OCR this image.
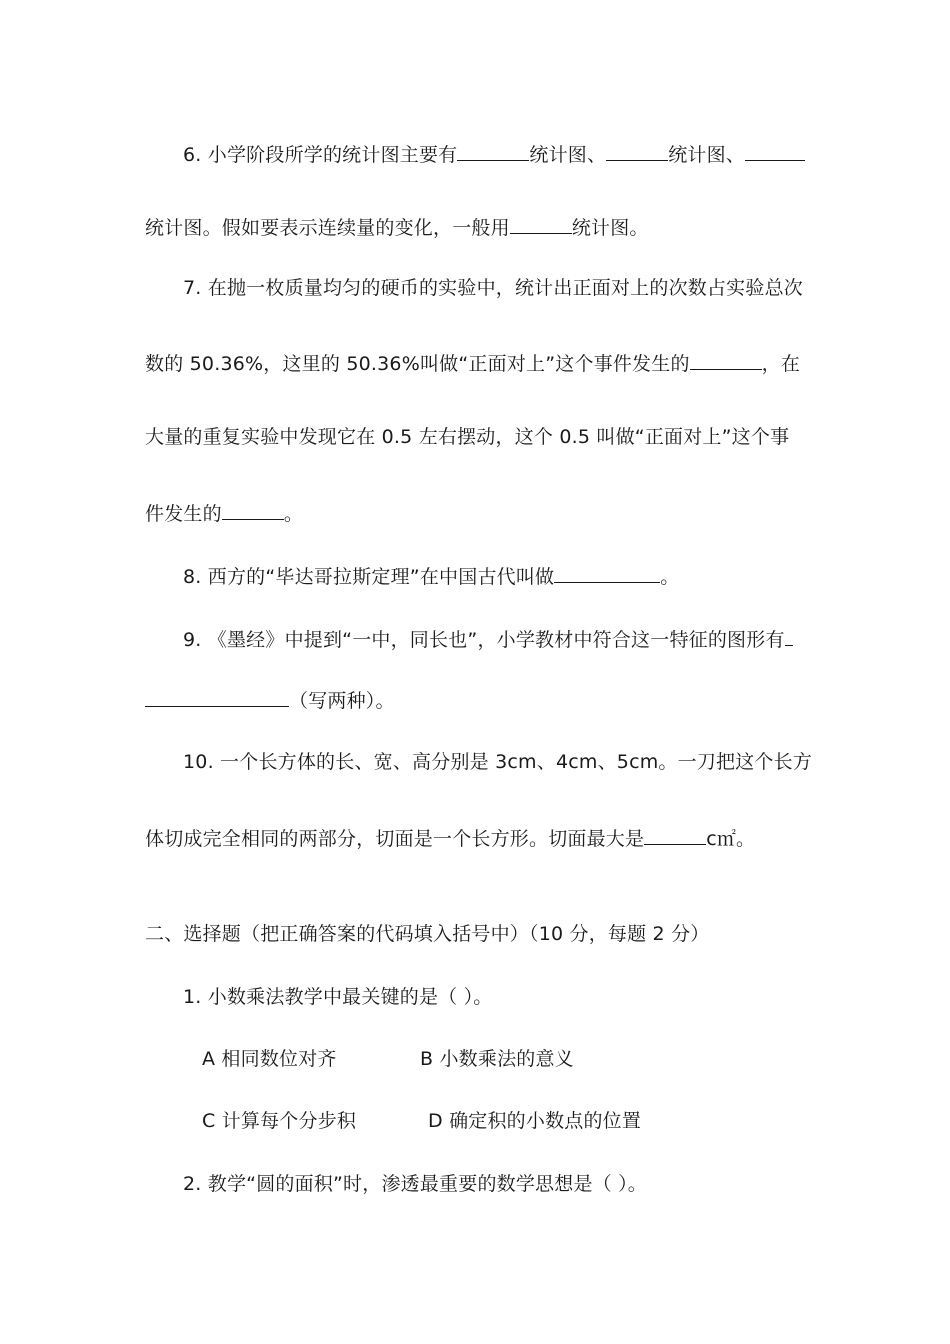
6. 小学阶段所学的统计图主要有	统计图、	统计图、
统计图。假如要表示连续量的变化，一般用	统计图。
7. 在抛一枚质量均匀的硬币的实验中，统计出正面对上的次数占实验总次
数的 50.36%，这里的 50.36%叫做“正面对上”这个事件发生的	，在
大量的重复实验中发现它在 0.5 左右摆动，这个 0.5 叫做“正面对上”这个事
件发生的	。
8. 西方的“毕达哥拉斯定理”在中国古代叫做	。
9. 《墨经》中提到“一中，同长也”，小学教材中符合这一特征的图形有
（写两种）。
10. 一个长方体的长、宽、高分别是 3cm、4cm、5cm。一刀把这个长方
体切成完全相同的两部分，切面是一个长方形。切面最大是	c㎡。
二、选择题（把正确答案的代码填入括号中）（10 分，每题 2 分）
1. 小数乘法教学中最关键的是（ ）。
A 相同数位对齐	B 小数乘法的意义
C 计算每个分步积	D 确定积的小数点的位置
2. 教学“圆的面积”时，渗透最重要的数学思想是（ ）。
